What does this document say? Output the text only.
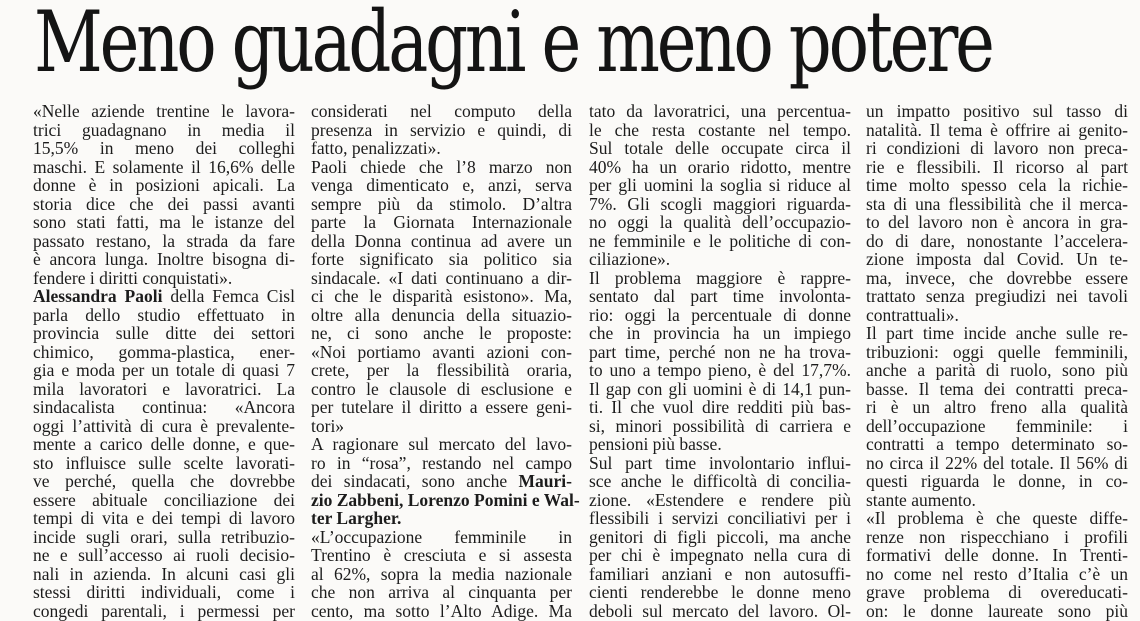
Meno guadagni e meno potere
«Nelle aziende trentine le lavora-
trici guadagnano in media il
15,5% in meno dei colleghi
maschi. E solamente il 16,6% delle
donne è in posizioni apicali. La
storia dice che dei passi avanti
sono stati fatti, ma le istanze del
passato restano, la strada da fare
è ancora lunga. Inoltre bisogna di-
fendere i diritti conquistati».
Alessandra Paoli della Femca Cisl
parla dello studio effettuato in
provincia sulle ditte dei settori
chimico, gomma-plastica, ener-
gia e moda per un totale di quasi 7
mila lavoratori e lavoratrici. La
sindacalista continua: «Ancora
oggi l’attività di cura è prevalente-
mente a carico delle donne, e que-
sto influisce sulle scelte lavorati-
ve perché, quella che dovrebbe
essere abituale conciliazione dei
tempi di vita e dei tempi di lavoro
incide sugli orari, sulla retribuzio-
ne e sull’accesso ai ruoli decisio-
nali in azienda. In alcuni casi gli
stessi diritti individuali, come i
congedi parentali, i permessi per
considerati nel computo della
presenza in servizio e quindi, di
fatto, penalizzati».
Paoli chiede che l’8 marzo non
venga dimenticato e, anzi, serva
sempre più da stimolo. D’altra
parte la Giornata Internazionale
della Donna continua ad avere un
forte significato sia politico sia
sindacale. «I dati continuano a dir-
ci che le disparità esistono». Ma,
oltre alla denuncia della situazio-
ne, ci sono anche le proposte:
«Noi portiamo avanti azioni con-
crete, per la flessibilità oraria,
contro le clausole di esclusione e
per tutelare il diritto a essere geni-
tori»
A ragionare sul mercato del lavo-
ro in “rosa”, restando nel campo
dei sindacati, sono anche Mauri-
zio Zabbeni, Lorenzo Pomini e Wal-
ter Largher.
«L’occupazione femminile in
Trentino è cresciuta e si assesta
al 62%, sopra la media nazionale
che non arriva al cinquanta per
cento, ma sotto l’Alto Adige. Ma
tato da lavoratrici, una percentua-
le che resta costante nel tempo.
Sul totale delle occupate circa il
40% ha un orario ridotto, mentre
per gli uomini la soglia si riduce al
7%. Gli scogli maggiori riguarda-
no oggi la qualità dell’occupazio-
ne femminile e le politiche di con-
ciliazione».
Il problema maggiore è rappre-
sentato dal part time involonta-
rio: oggi la percentuale di donne
che in provincia ha un impiego
part time, perché non ne ha trova-
to uno a tempo pieno, è del 17,7%.
Il gap con gli uomini è di 14,1 pun-
ti. Il che vuol dire redditi più bas-
si, minori possibilità di carriera e
pensioni più basse.
Sul part time involontario influi-
sce anche le difficoltà di concilia-
zione. «Estendere e rendere più
flessibili i servizi conciliativi per i
genitori di figli piccoli, ma anche
per chi è impegnato nella cura di
familiari anziani e non autosuffi-
cienti renderebbe le donne meno
deboli sul mercato del lavoro. Ol-
un impatto positivo sul tasso di
natalità. Il tema è offrire ai genito-
ri condizioni di lavoro non preca-
rie e flessibili. Il ricorso al part
time molto spesso cela la richie-
sta di una flessibilità che il merca-
to del lavoro non è ancora in gra-
do di dare, nonostante l’accelera-
zione imposta dal Covid. Un te-
ma, invece, che dovrebbe essere
trattato senza pregiudizi nei tavoli
contrattuali».
Il part time incide anche sulle re-
tribuzioni: oggi quelle femminili,
anche a parità di ruolo, sono più
basse. Il tema dei contratti preca-
ri è un altro freno alla qualità
dell’occupazione femminile: i
contratti a tempo determinato so-
no circa il 22% del totale. Il 56% di
questi riguarda le donne, in co-
stante aumento.
«Il problema è che queste diffe-
renze non rispecchiano i profili
formativi delle donne. In Trenti-
no come nel resto d’Italia c’è un
grave problema di overeducati-
on: le donne laureate sono più
